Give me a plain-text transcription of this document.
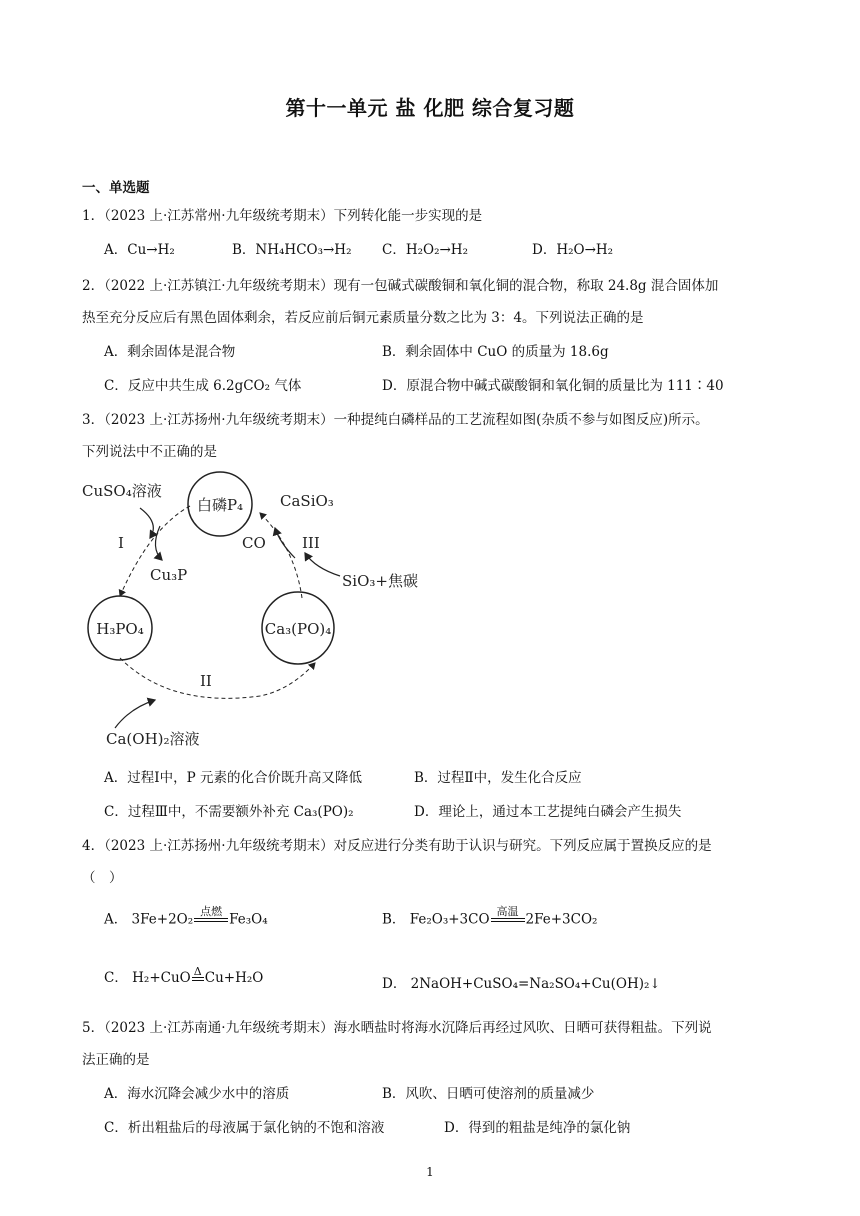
第十一单元 盐 化肥 综合复习题
一、单选题
1．（2023 上·江苏常州·九年级统考期末）下列转化能一步实现的是
A．Cu→H₂	B．NH₄HCO₃→H₂ C．H₂O₂→H₂	D．H₂O→H₂
2．（2022 上·江苏镇江·九年级统考期末）现有一包碱式碳酸铜和氧化铜的混合物，称取 24.8g 混合固体加
热至充分反应后有黑色固体剩余，若反应前后铜元素质量分数之比为 3：4。下列说法正确的是
A．剩余固体是混合物	B．剩余固体中 CuO 的质量为 18.6g
C．反应中共生成 6.2gCO₂ 气体	D．原混合物中碱式碳酸铜和氧化铜的质量比为 111∶40
3．（2023 上·江苏扬州·九年级统考期末）一种提纯白磷样品的工艺流程如图(杂质不参与如图反应)所示。
下列说法中不正确的是
白磷P₄
H₃PO₄	Ca₃(PO)₄
CuSO₄溶液
Cu₃P
CaSiO₃
CO
SiO₃+焦碳
Ca(OH)₂溶液
I
II
III
A．过程Ⅰ中，P 元素的化合价既升高又降低	B．过程Ⅱ中，发生化合反应
C．过程Ⅲ中，不需要额外补充 Ca₃(PO)₂	D．理论上，通过本工艺提纯白磷会产生损失
4．（2023 上·江苏扬州·九年级统考期末）对反应进行分类有助于认识与研究。下列反应属于置换反应的是
（　）
A． 3Fe+2O₂ 点燃
Fe₃O₄	B． Fe₂O₃+3CO 高温
2Fe+3CO₂
C． H₂+CuO Δ
Cu+H₂O	D． 2NaOH+CuSO₄=Na₂SO₄+Cu(OH)₂↓
5．（2023 上·江苏南通·九年级统考期末）海水晒盐时将海水沉降后再经过风吹、日晒可获得粗盐。下列说
法正确的是
A．海水沉降会减少水中的溶质	B．风吹、日晒可使溶剂的质量减少
C．析出粗盐后的母液属于氯化钠的不饱和溶液	D．得到的粗盐是纯净的氯化钠
1
